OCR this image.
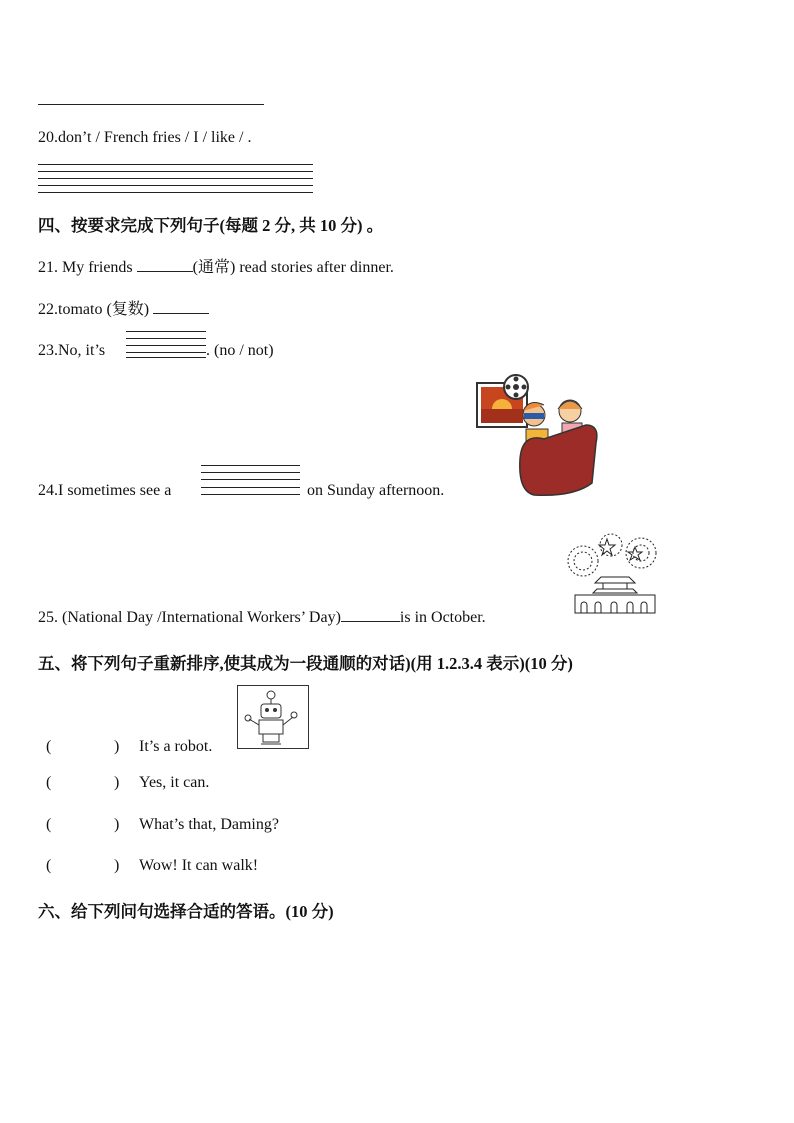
20.don’t / French fries / I / like / .
四、按要求完成下列句子(每题 2 分, 共 10 分) 。
21. My friends	(通常) read stories after dinner.
22.tomato (复数)
23.No, it’s	. (no / not)
24.I sometimes see a	on Sunday afternoon.
25. (National Day /International Workers’ Day)	is in October.
五、将下列句子重新排序,使其成为一段通顺的对话)(用 1.2.3.4 表示)(10 分)
(	) It’s a robot.
(	) Yes, it can.
(	) What’s that, Daming?
(	) Wow! It can walk!
六、给下列问句选择合适的答语。(10 分)
